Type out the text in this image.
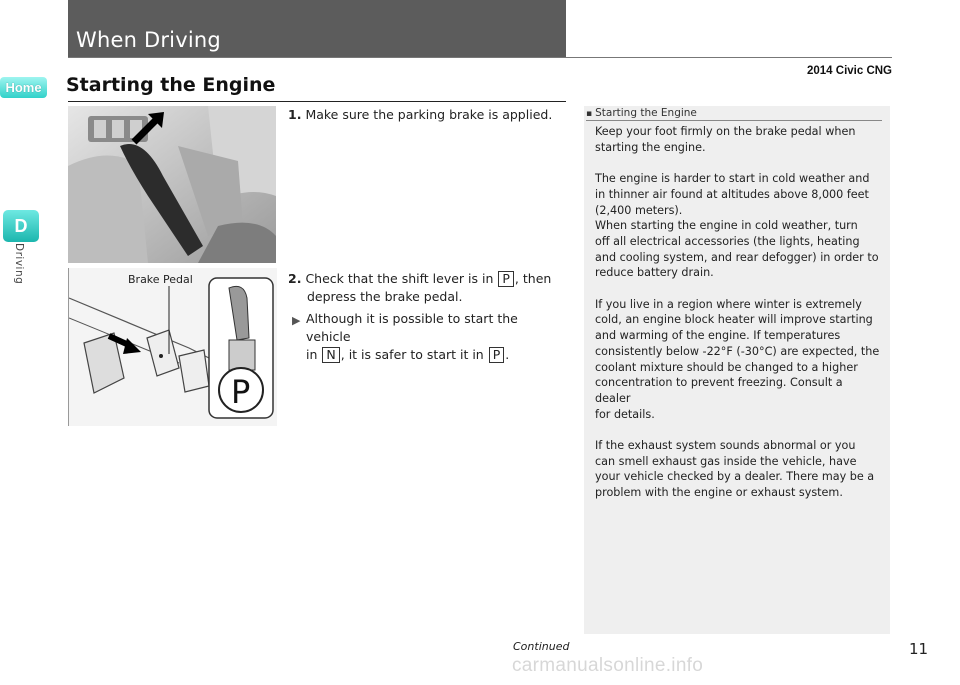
When Driving
2014 Civic CNG
Home
D
Driving
Starting the Engine
P
Brake Pedal
1. Make sure the parking brake is applied.
2. Check that the shift lever is in P , then
depress the brake pedal.
▶ Although it is possible to start the vehicle
in N , it is safer to start it in P .
▪ Starting the Engine
Keep your foot firmly on the brake pedal when
starting the engine.

The engine is harder to start in cold weather and
in thinner air found at altitudes above 8,000 feet
(2,400 meters).
When starting the engine in cold weather, turn
off all electrical accessories (the lights, heating
and cooling system, and rear defogger) in order to
reduce battery drain.

If you live in a region where winter is extremely
cold, an engine block heater will improve starting
and warming of the engine. If temperatures
consistently below -22°F (-30°C) are expected, the
coolant mixture should be changed to a higher
concentration to prevent freezing. Consult a dealer
for details.

If the exhaust system sounds abnormal or you
can smell exhaust gas inside the vehicle, have
your vehicle checked by a dealer. There may be a
problem with the engine or exhaust system.
Continued	11
carmanualsonline.info
